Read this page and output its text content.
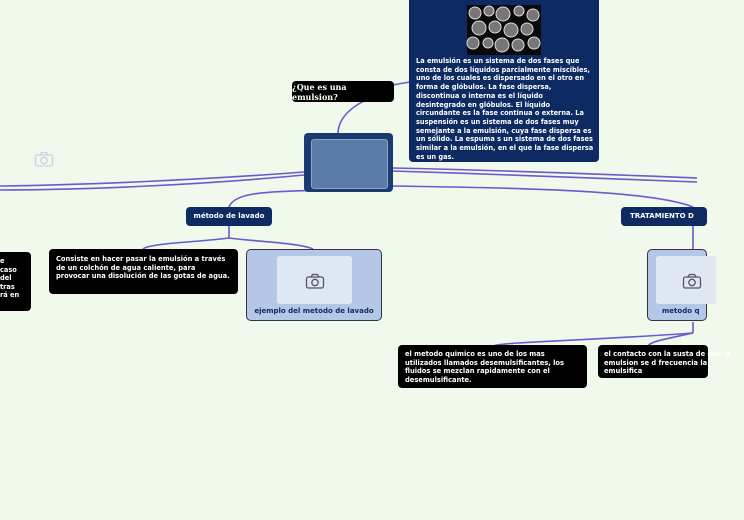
La emulsión es un sistema de dos fases que consta de dos líquidos parcialmente miscibles, uno de los cuales es dispersado en el otro en forma de glóbulos. La fase dispersa, discontinua o interna es el líquido desintegrado en glóbulos. El líquido circundante es la fase continua o externa. La suspensión es un sistema de dos fases muy semejante a la emulsión, cuya fase dispersa es un sólido. La espuma s un sistema de dos fases similar a la emulsión, en el que la fase dispersa es un gas.
¿Que es una emulsion?
e
caso
del
tras
rá en
método de lavado
Consiste en hacer pasar la emulsión a través de un colchón de agua caliente, para provocar una disolución de las gotas de agua.
ejemplo del metodo de lavado
TRATAMIENTO D
metodo q
el metodo quimico es uno de los mas utilizados llamados desemulsificantes, los fluidos se mezclan rapidamente con el desemulsificante.
el contacto con la susta de que la emulsion se d frecuencia la emulsifica
